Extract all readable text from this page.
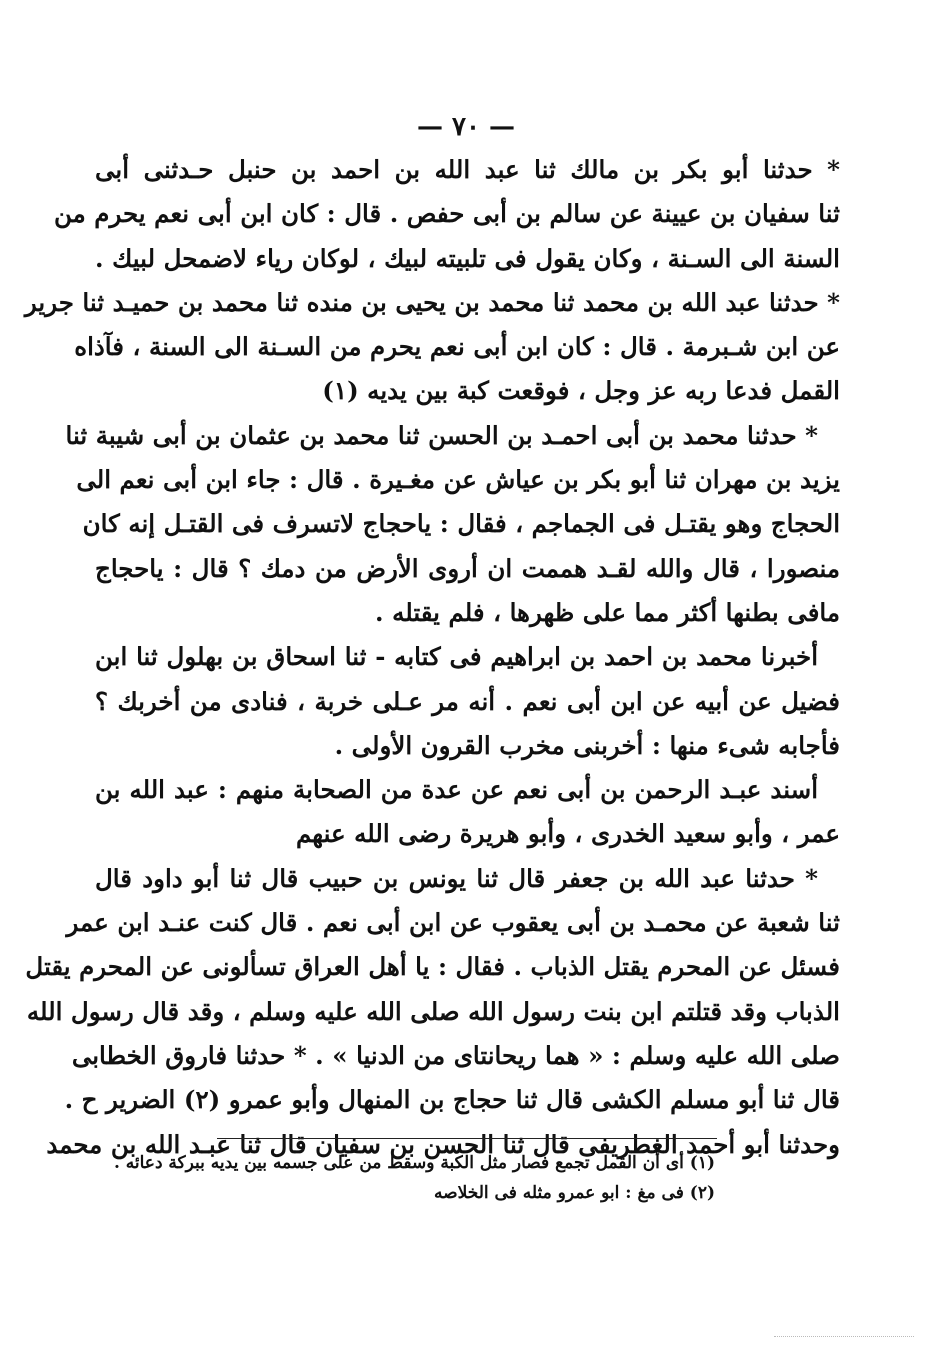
— ٧٠ —
* حدثنا أبو بكر بن مالك ثنا عبد الله بن احمد بن حنبل حـدثنى أبى
ثنا سفيان بن عيينة عن سالم بن أبى حفص . قال : كان ابن أبى نعم يحرم من
السنة الى السـنة ، وكان يقول فى تلبيته لبيك ، لوكان رياء لاضمحل لبيك .
* حدثنا عبد الله بن محمد ثنا محمد بن يحيى بن منده ثنا محمد بن حميـد ثنا جرير
عن ابن شـبرمة . قال : كان ابن أبى نعم يحرم من السـنة الى السنة ، فآذاه
القمل فدعا ربه عز وجل ، فوقعت كبة بين يديه (١)
* حدثنا محمد بن أبى احمـد بن الحسن ثنا محمد بن عثمان بن أبى شيبة ثنا
يزيد بن مهران ثنا أبو بكر بن عياش عن مغـيرة . قال : جاء ابن أبى نعم الى
الحجاج وهو يقتـل فى الجماجم ، فقال : ياحجاج لاتسرف فى القتـل إنه كان
منصورا ، قال والله لقـد هممت ان أروى الأرض من دمك ؟ قال : ياحجاج
مافى بطنها أكثر مما على ظهرها ، فلم يقتله .
أخبرنا محمد بن احمد بن ابراهيم فى كتابه - ثنا اسحاق بن بهلول ثنا ابن
فضيل عن أبيه عن ابن أبى نعم . أنه مر عـلى خربة ، فنادى من أخربك ؟
فأجابه شىء منها : أخربنى مخرب القرون الأولى .
أسند عبـد الرحمن بن أبى نعم عن عدة من الصحابة منهم : عبد الله بن
عمر ، وأبو سعيد الخدرى ، وأبو هريرة رضى الله عنهم
* حدثنا عبد الله بن جعفر قال ثنا يونس بن حبيب قال ثنا أبو داود قال
ثنا شعبة عن محمـد بن أبى يعقوب عن ابن أبى نعم . قال كنت عنـد ابن عمر
فسئل عن المحرم يقتل الذباب . فقال : يا أهل العراق تسألونى عن المحرم يقتل
الذباب وقد قتلتم ابن بنت رسول الله صلى الله عليه وسلم ، وقد قال رسول الله
صلى الله عليه وسلم : « هما ريحانتاى من الدنيا » . * حدثنا فاروق الخطابى
قال ثنا أبو مسلم الكشى قال ثنا حجاج بن المنهال وأبو عمرو (٢) الضرير ح .
وحدثنا أبو أحمد الغطريفى قال ثنا الحسن بن سفيان قال ثنا عبـد الله بن محمد
(١) أى أن القمل تجمع فصار مثل الكبة وسقط من على جسمه بين يديه ببركة دعائه .
(٢) فى مغ : ابو عمرو مثله فى الخلاصه
